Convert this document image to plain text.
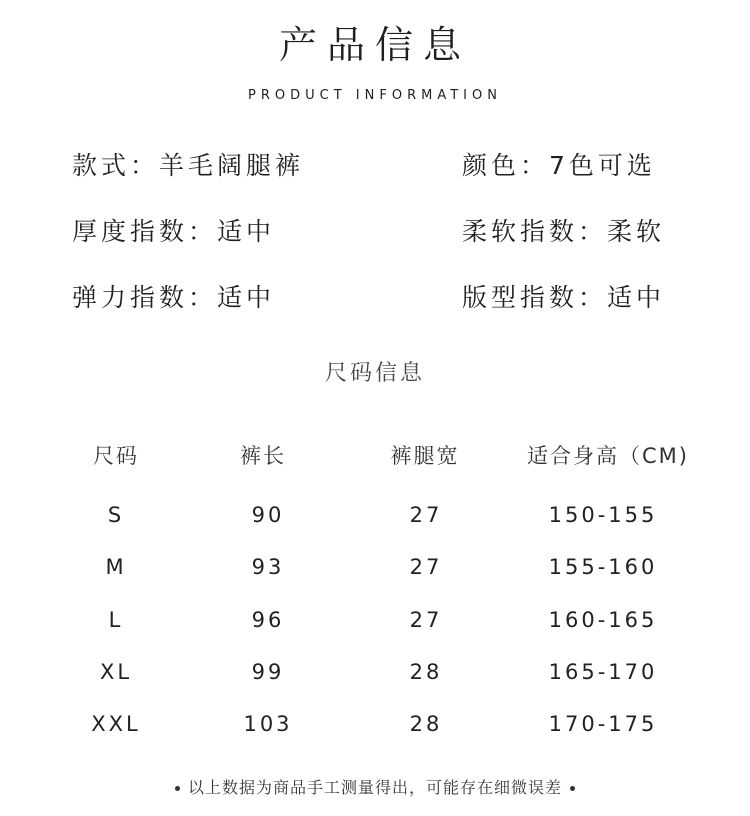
产品信息
PRODUCT INFORMATION
款式：羊毛阔腿裤	颜色：7色可选
厚度指数：适中	柔软指数：柔软
弹力指数：适中	版型指数：适中
尺码信息
尺码	裤长	裤腿宽	适合身高（CM)
S	90	27	150-155
M	93	27	155-160
L	96	27	160-165
XL	99	28	165-170
XXL	103	28	170-175
以上数据为商品手工测量得出，可能存在细微误差
